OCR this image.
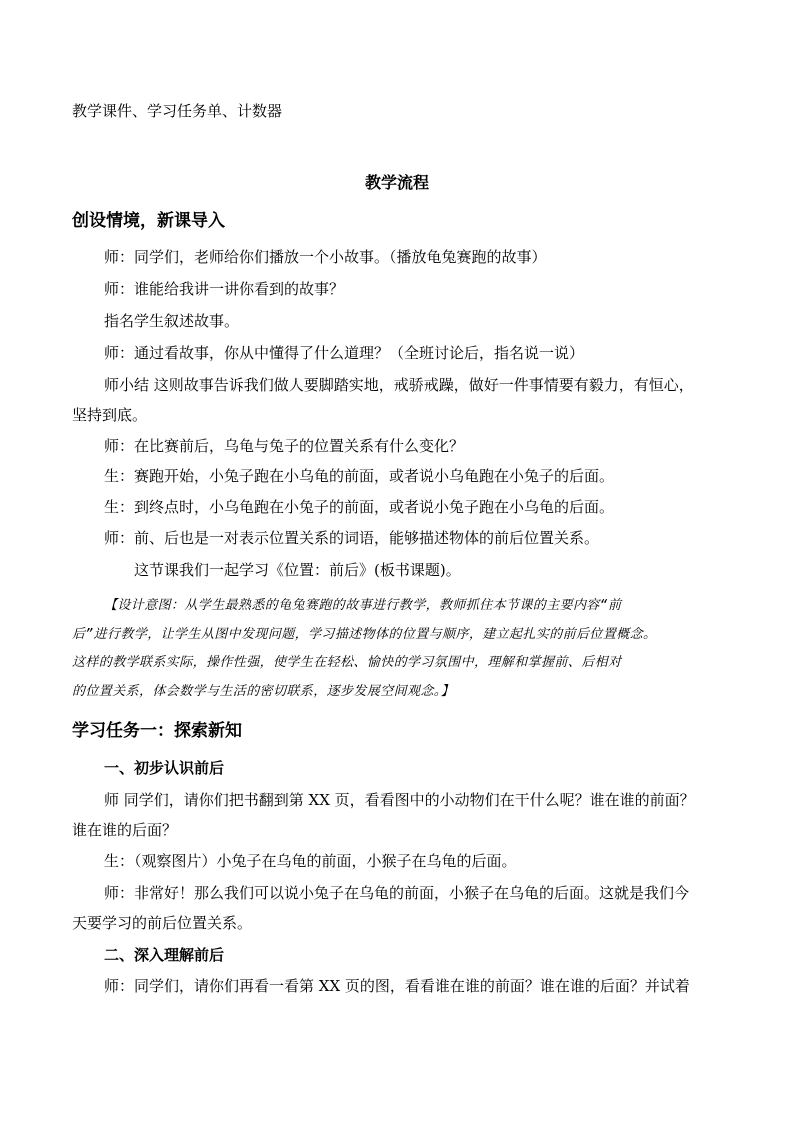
教学课件、学习任务单、计数器
教学流程
创设情境，新课导入
师：同学们，老师给你们播放一个小故事。（播放龟兔赛跑的故事）
师：谁能给我讲一讲你看到的故事？
指名学生叙述故事。
师：通过看故事，你从中懂得了什么道理？（全班讨论后，指名说一说）
师小结 这则故事告诉我们做人要脚踏实地，戒骄戒躁，做好一件事情要有毅力，有恒心，
坚持到底。
师：在比赛前后，乌龟与兔子的位置关系有什么变化？
生：赛跑开始，小兔子跑在小乌龟的前面，或者说小乌龟跑在小兔子的后面。
生：到终点时，小乌龟跑在小兔子的前面，或者说小兔子跑在小乌龟的后面。
师：前、后也是一对表示位置关系的词语，能够描述物体的前后位置关系。
这节课我们一起学习《位置：前后》(板书课题)。
【设计意图：从学生最熟悉的龟兔赛跑的故事进行教学，教师抓住本节课的主要内容“前
后”进行教学，让学生从图中发现问题，学习描述物体的位置与顺序，建立起扎实的前后位置概念。
这样的教学联系实际，操作性强，使学生在轻松、愉快的学习氛围中，理解和掌握前、后相对
的位置关系，体会数学与生活的密切联系，逐步发展空间观念。】
学习任务一：探索新知
一、初步认识前后
师 同学们，请你们把书翻到第 XX 页，看看图中的小动物们在干什么呢？谁在谁的前面？
谁在谁的后面？
生：（观察图片）小兔子在乌龟的前面，小猴子在乌龟的后面。
师：非常好！那么我们可以说小兔子在乌龟的前面，小猴子在乌龟的后面。这就是我们今
天要学习的前后位置关系。
二、深入理解前后
师：同学们，请你们再看一看第 XX 页的图，看看谁在谁的前面？谁在谁的后面？并试着
